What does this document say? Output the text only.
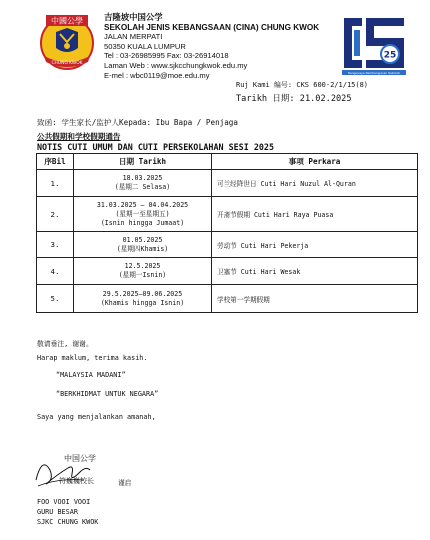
中國公學
CHUNG KWOK
吉隆坡中国公学
SEKOLAH JENIS KEBANGSAAN (CINA) CHUNG KWOK
JALAN MERPATI
50350 KUALA LUMPUR
Tel : 03-26985995 Fax: 03-26914018
Laman Web : www.sjkcchungkwok.edu.my
E-mel : wbc0119@moe.edu.my
25
Pengupaya Pembangunan Sekolah
Ruj Kami 编号: CKS 600-2/1/15(8)
Tarikh 日期: 21.02.2025
致函: 学生家长/监护人Kepada: Ibu Bapa / Penjaga
公共假期和学校假期通告
NOTIS CUTI UMUM DAN CUTI PERSEKOLAHAN SESI 2025
序Bil	日期 Tarikh	事项 Perkara
1.	18.03.2025
(星期二 Selasa)	可兰经降世日 Cuti Hari Nuzul Al-Quran
2.	31.03.2025 – 04.04.2025
(星期一至星期五)
(Isnin hingga Jumaat)	开斋节假期 Cuti Hari Raya Puasa
3.	01.05.2025
(星期四Khamis)	劳动节 Cuti Hari Pekerja
4.	12.5.2025
(星期一Isnin)	卫塞节 Cuti Hari Wesak
5.	29.5.2025–09.06.2025
(Khamis hingga Isnin)	学校第一学期假期
敬请垂注, 谢谢。
Harap maklum, terima kasih.
“MALAYSIA MADANI”
“BERKHIDMAT UNTUK NEGARA”
Saya yang menjalankan amanah,
中国公学
符巍巍校长	谨启
FOO VOOI VOOI
GURU BESAR
SJKC CHUNG KWOK
